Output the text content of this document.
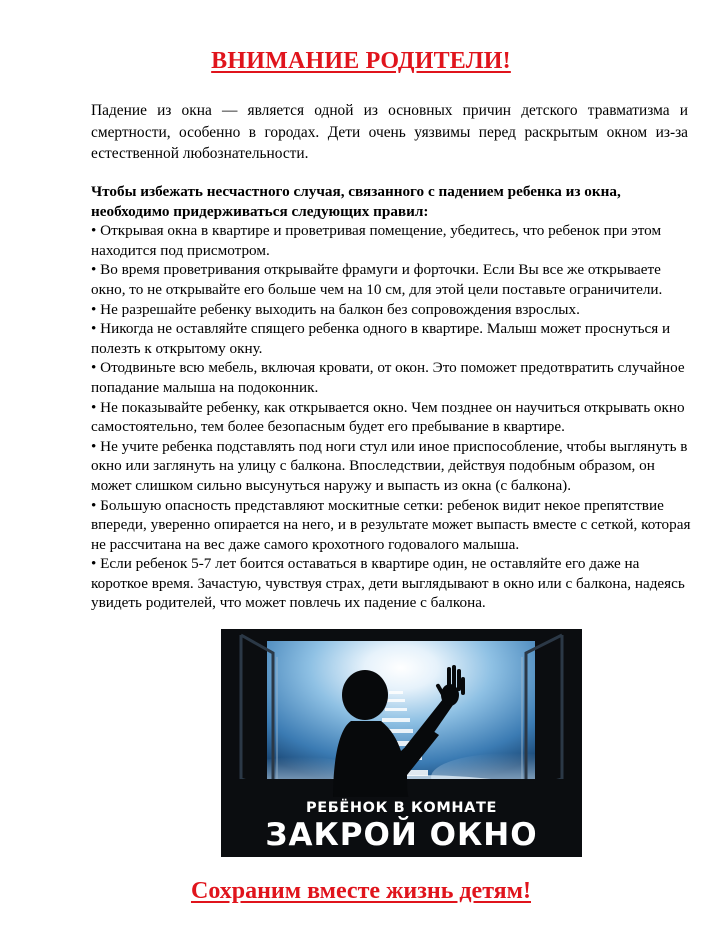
ВНИМАНИЕ РОДИТЕЛИ!
Падение из окна — является одной из основных причин детского травматизма и смертности, особенно в городах. Дети очень уязвимы перед раскрытым окном из-за естественной любознательности.

Чтобы избежать несчастного случая, связанного с падением ребенка из окна, необходимо придерживаться следующих правил:

• Открывая окна в квартире и проветривая помещение, убедитесь, что ребенок при этом находится под присмотром.

• Во время проветривания открывайте фрамуги и форточки. Если Вы все же открываете окно, то не открывайте его больше чем на 10 см, для этой цели поставьте ограничители.

• Не разрешайте ребенку выходить на балкон без сопровождения взрослых.

• Никогда не оставляйте спящего ребенка одного в квартире. Малыш может проснуться и полезть к открытому окну.

• Отодвиньте всю мебель, включая кровати, от окон. Это поможет предотвратить случайное попадание малыша на подоконник.

• Не показывайте ребенку, как открывается окно. Чем позднее он научиться открывать окно самостоятельно, тем более безопасным будет его пребывание в квартире.

• Не учите ребенка подставлять под ноги стул или иное приспособление, чтобы выглянуть в окно или заглянуть на улицу с балкона. Впоследствии, действуя подобным образом, он может слишком сильно высунуться наружу и выпасть из окна (с балкона).

• Большую опасность представляют москитные сетки: ребенок видит некое препятствие впереди, уверенно опирается на него, и в результате может выпасть вместе с сеткой, которая не рассчитана на вес даже самого крохотного годовалого малыша.

• Если ребенок 5-7 лет боится оставаться в квартире один, не оставляйте его даже на короткое время. Зачастую, чувствуя страх, дети выглядывают в окно или с балкона, надеясь увидеть родителей, что может повлечь их падение с балкона.

РЕБЁНОК В КОМНАТЕ
ЗАКРОЙ ОКНО
Сохраним вместе жизнь детям!
